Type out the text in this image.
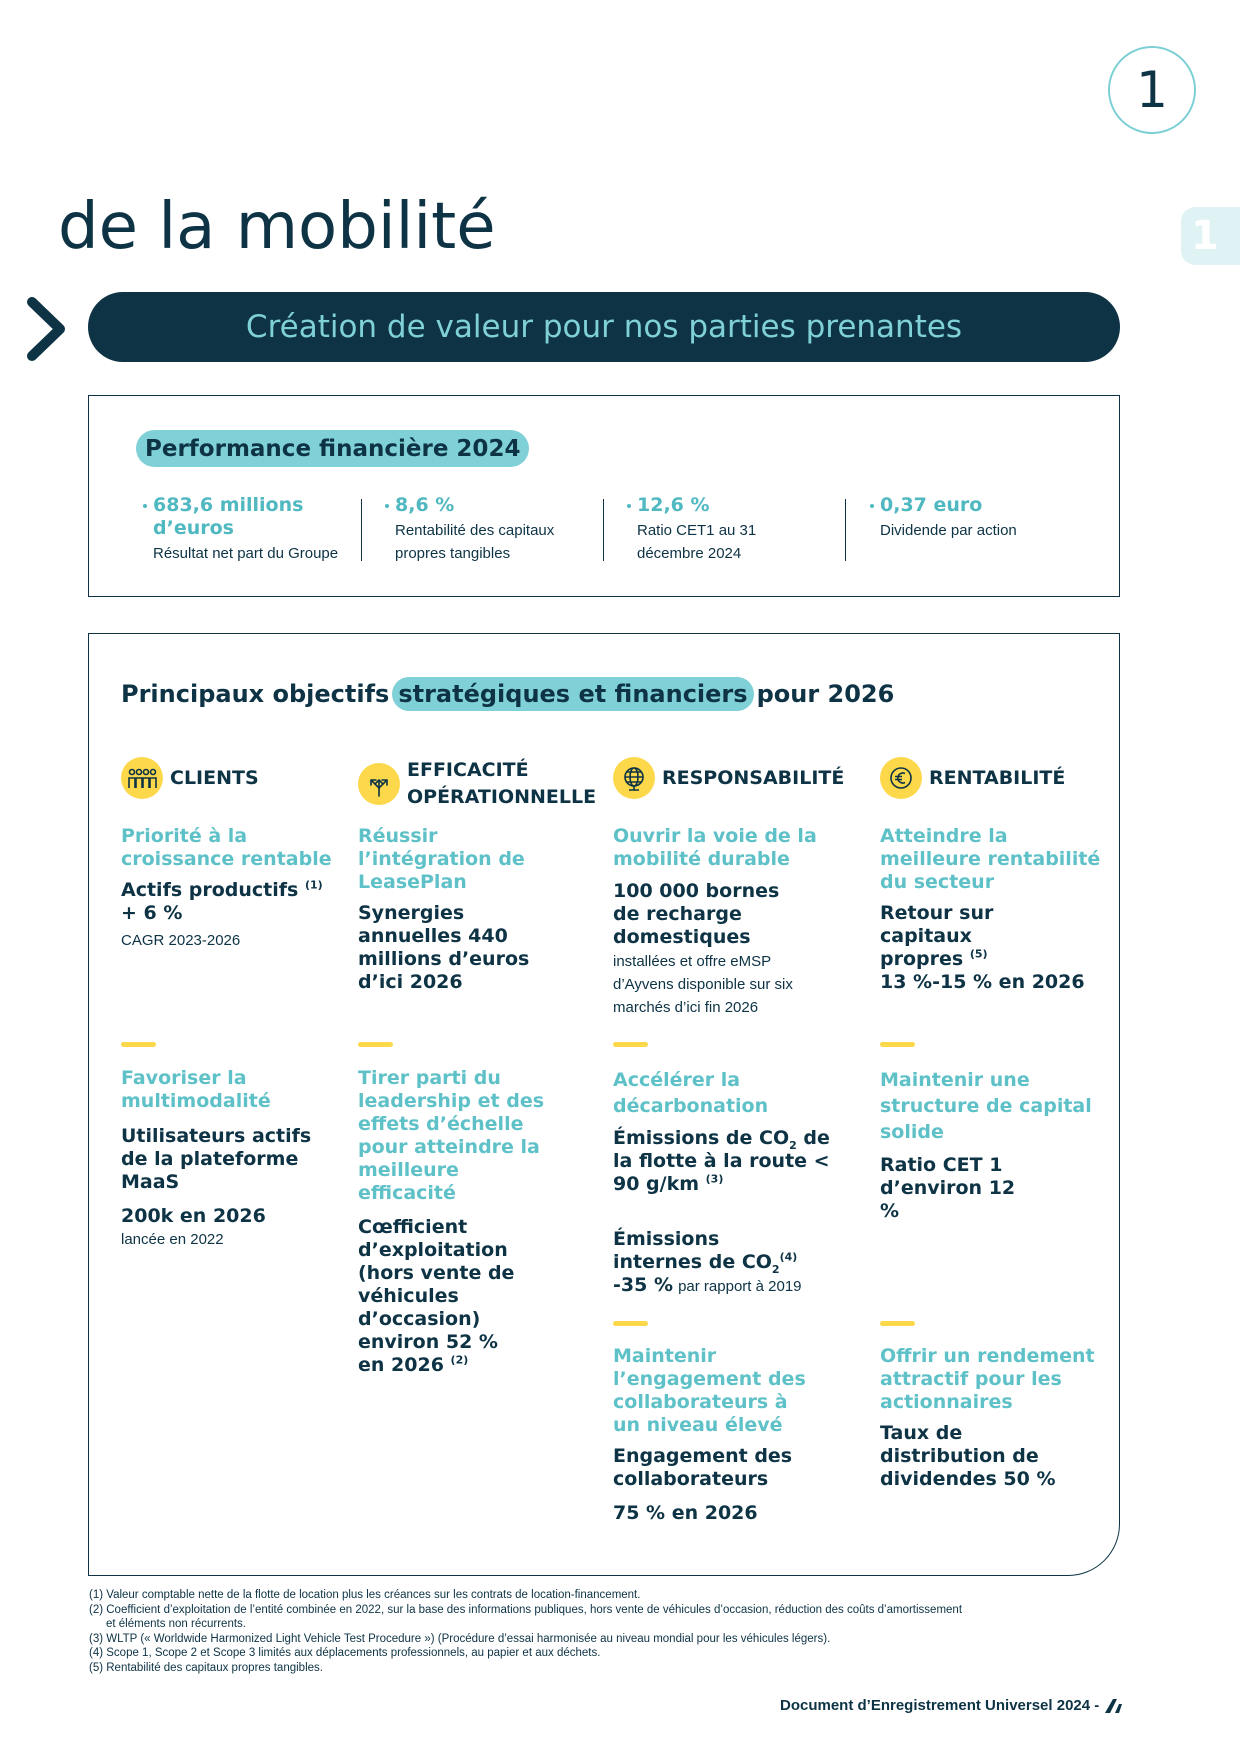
1
1
de la mobilité
Création de valeur pour nos parties prenantes
Performance financière 2024
683,6 millions d’euros
Résultat net part du Groupe
8,6 %
Rentabilité des capitaux propres tangibles
12,6 %
Ratio CET1 au 31 décembre 2024
0,37 euro
Dividende par action
Principaux objectifs stratégiques et financiers pour 2026
CLIENTS
Priorité à la croissance rentable
Actifs productifs $^{(1)}$
+ 6 %
CAGR 2023-2026
Favoriser la multimodalité
Utilisateurs actifs de la plateforme MaaS
200k en 2026
lancée en 2022
EFFICACITÉ OPÉRATIONNELLE
Réussir l’intégration de LeasePlan
Synergies annuelles 440 millions d’euros d’ici 2026
Tirer parti du leadership et des effets d’échelle pour atteindre la meilleure efficacité
Cœfficient d’exploitation (hors vente de véhicules d’occasion) environ 52 % en 2026 $^{(2)}$
RESPONSABILITÉ
Ouvrir la voie de la mobilité durable
100 000 bornes de recharge domestiques
installées et offre eMSP d’Ayvens disponible sur six marchés d’ici fin 2026
Accélérer la décarbonation
Émissions de $CO_2$ de la flotte à la route < 90 g/km $^{(3)}$
Émissions internes de $CO_2^{(4)}$
-35 % par rapport à 2019
Maintenir l’engagement des collaborateurs à un niveau élevé
Engagement des collaborateurs
75 % en 2026
RENTABILITÉ
Atteindre la meilleure rentabilité du secteur
Retour sur capitaux propres $^{(5)}$
13 %-15 % en 2026
Maintenir une structure de capital solide
Ratio CET 1 d’environ 12 %
Offrir un rendement attractif pour les actionnaires
Taux de distribution de dividendes 50 %
(1) Valeur comptable nette de la flotte de location plus les créances sur les contrats de location-financement.
(2) Coefficient d’exploitation de l’entité combinée en 2022, sur la base des informations publiques, hors vente de véhicules d’occasion, réduction des coûts d’amortissement
et éléments non récurrents.
(3) WLTP (« Worldwide Harmonized Light Vehicle Test Procedure ») (Procédure d’essai harmonisée au niveau mondial pour les véhicules légers).
(4) Scope 1, Scope 2 et Scope 3 limités aux déplacements professionnels, au papier et aux déchets.
(5) Rentabilité des capitaux propres tangibles.
Document d’Enregistrement Universel 2024 -
